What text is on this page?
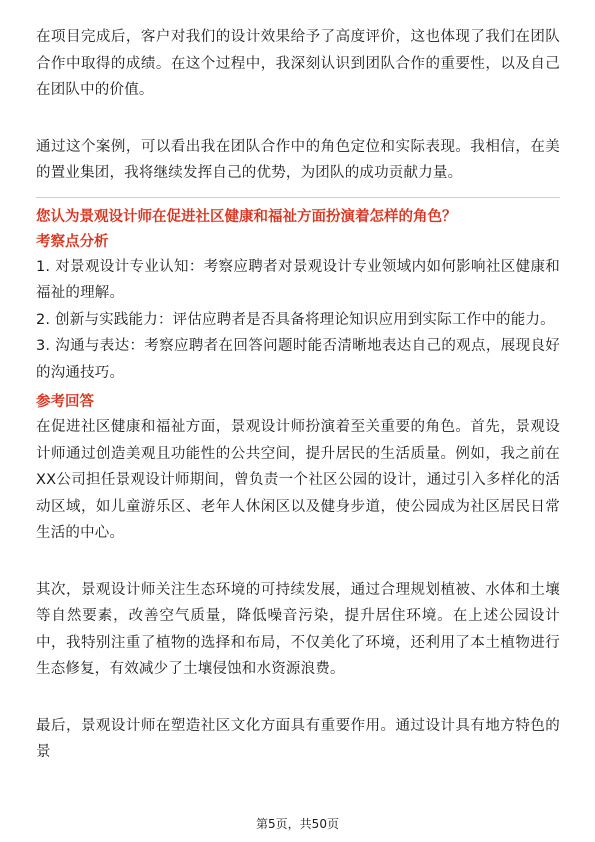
在项目完成后，客户对我们的设计效果给予了高度评价，这也体现了我们在团队合作中取得的成绩。在这个过程中，我深刻认识到团队合作的重要性，以及自己在团队中的价值。

通过这个案例，可以看出我在团队合作中的角色定位和实际表现。我相信，在美的置业集团，我将继续发挥自己的优势，为团队的成功贡献力量。

您认为景观设计师在促进社区健康和福祉方面扮演着怎样的角色？

考察点分析

1. 对景观设计专业认知：考察应聘者对景观设计专业领域内如何影响社区健康和福祉的理解。

2. 创新与实践能力：评估应聘者是否具备将理论知识应用到实际工作中的能力。

3. 沟通与表达：考察应聘者在回答问题时能否清晰地表达自己的观点，展现良好的沟通技巧。

参考回答

在促进社区健康和福祉方面，景观设计师扮演着至关重要的角色。首先，景观设计师通过创造美观且功能性的公共空间，提升居民的生活质量。例如，我之前在XX公司担任景观设计师期间，曾负责一个社区公园的设计，通过引入多样化的活动区域，如儿童游乐区、老年人休闲区以及健身步道，使公园成为社区居民日常生活的中心。

其次，景观设计师关注生态环境的可持续发展，通过合理规划植被、水体和土壤等自然要素，改善空气质量，降低噪音污染，提升居住环境。在上述公园设计中，我特别注重了植物的选择和布局，不仅美化了环境，还利用了本土植物进行生态修复，有效减少了土壤侵蚀和水资源浪费。

最后，景观设计师在塑造社区文化方面具有重要作用。通过设计具有地方特色的景

第5页，共50页
